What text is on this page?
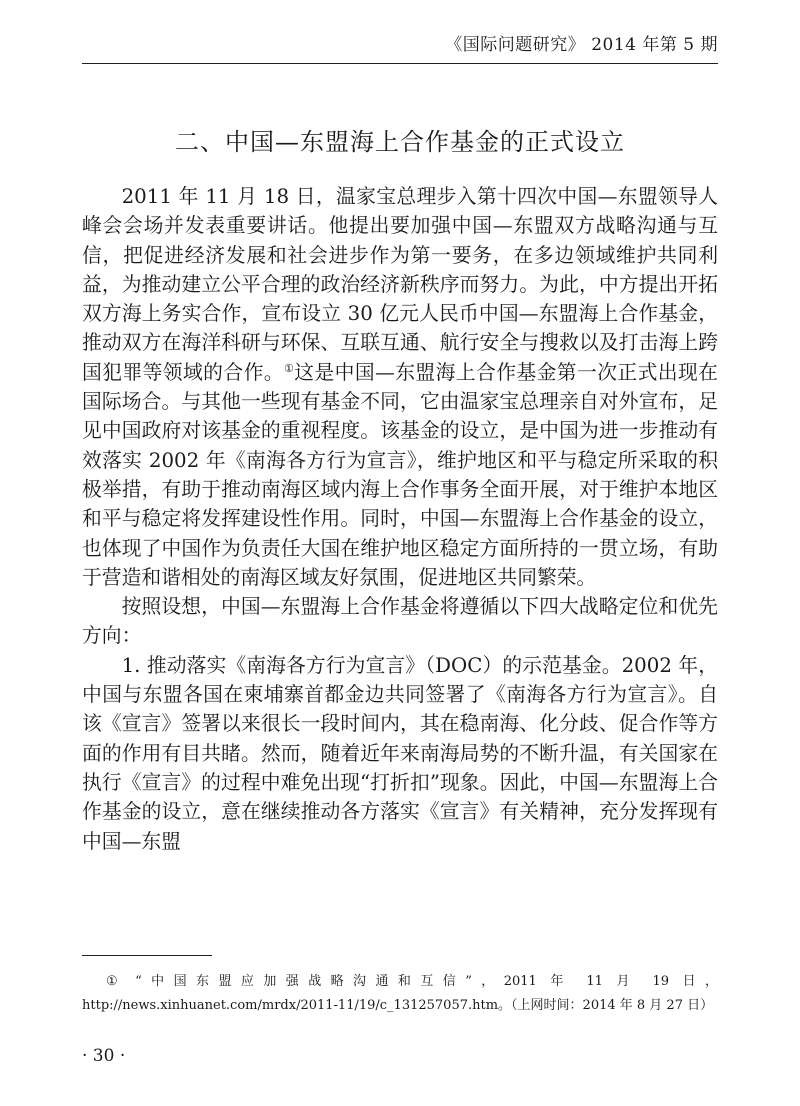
《国际问题研究》 2014 年第 5 期
二、中国—东盟海上合作基金的正式设立

2011 年 11 月 18 日，温家宝总理步入第十四次中国—东盟领导人峰会会场并发表重要讲话。他提出要加强中国—东盟双方战略沟通与互信，把促进经济发展和社会进步作为第一要务，在多边领域维护共同利益，为推动建立公平合理的政治经济新秩序而努力。为此，中方提出开拓双方海上务实合作，宣布设立 30 亿元人民币中国—东盟海上合作基金，推动双方在海洋科研与环保、互联互通、航行安全与搜救以及打击海上跨国犯罪等领域的合作。①这是中国—东盟海上合作基金第一次正式出现在国际场合。与其他一些现有基金不同，它由温家宝总理亲自对外宣布，足见中国政府对该基金的重视程度。该基金的设立，是中国为进一步推动有效落实 2002 年《南海各方行为宣言》，维护地区和平与稳定所采取的积极举措，有助于推动南海区域内海上合作事务全面开展，对于维护本地区和平与稳定将发挥建设性作用。同时，中国—东盟海上合作基金的设立，也体现了中国作为负责任大国在维护地区稳定方面所持的一贯立场，有助于营造和谐相处的南海区域友好氛围，促进地区共同繁荣。

按照设想，中国—东盟海上合作基金将遵循以下四大战略定位和优先方向：

1. 推动落实《南海各方行为宣言》（DOC）的示范基金。2002 年，中国与东盟各国在柬埔寨首都金边共同签署了《南海各方行为宣言》。自该《宣言》签署以来很长一段时间内，其在稳南海、化分歧、促合作等方面的作用有目共睹。然而，随着近年来南海局势的不断升温，有关国家在执行《宣言》的过程中难免出现“打折扣”现象。因此，中国—东盟海上合作基金的设立，意在继续推动各方落实《宣言》有关精神，充分发挥现有中国—东盟

① “中国东盟应加强战略沟通和互信”，2011 年 11 月 19 日，http://news.xinhuanet.com/mrdx/2011-11/19/c_131257057.htm。（上网时间：2014 年 8 月 27 日）
· 30 ·
